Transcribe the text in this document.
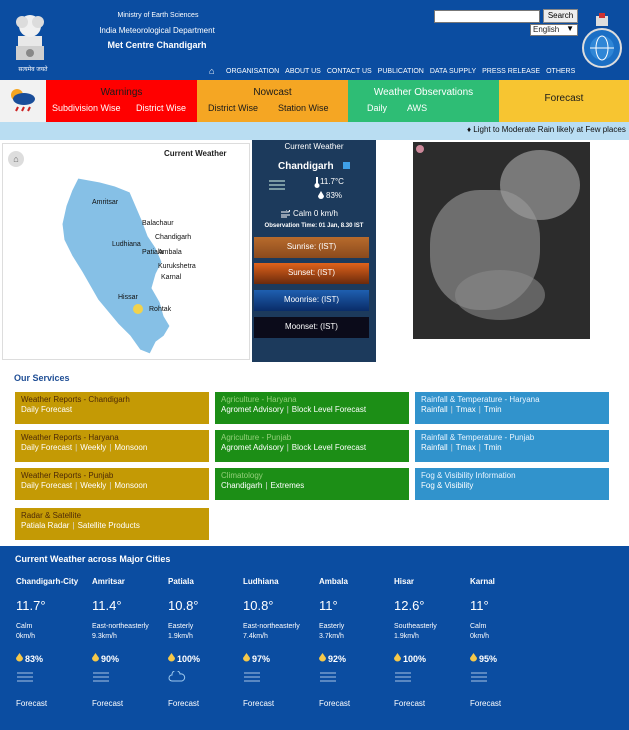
सत्यमेव जयते
Ministry of Earth Sciences
India Meteorological Department
Met Centre Chandigarh
Search
English ▼
⌂	ORGANISATION ABOUT US CONTACT US PUBLICATION DATA SUPPLY PRESS RELEASE OTHERS
Warnings
Subdivision Wise District Wise
Nowcast
District Wise Station Wise
Weather Observations
Daily AWS
Forecast
♦ Light to Moderate Rain likely at Few places
⌂
Current Weather
Amritsar
Balachaur
Chandigarh
Ludhiana
Patiala
Ambala
Kurukshetra
Karnal
Hissar
Rohtak
Current Weather
Chandigarh
11.7°C
83%
Calm 0 km/h
Observation Time: 01 Jan, 8.30 IST
Sunrise: (IST)
Sunset: (IST)
Moonrise: (IST)
Moonset: (IST)
Our Services
Weather Reports - Chandigarh
Daily Forecast
Agriculture - Haryana
Agromet Advisory | Block Level Forecast
Rainfall & Temperature - Haryana
Rainfall | Tmax | Tmin
Weather Reports - Haryana
Daily Forecast | Weekly | Monsoon
Agriculture - Punjab
Agromet Advisory | Block Level Forecast
Rainfall & Temperature - Punjab
Rainfall | Tmax | Tmin
Weather Reports - Punjab
Daily Forecast | Weekly | Monsoon
Climatology
Chandigarh | Extremes
Fog & Visibility Information
Fog & Visibility
Radar & Satellite
Patiala Radar | Satellite Products
Current Weather across Major Cities
Chandigarh-City
11.7°
Calm
0km/h
83%
Forecast
Amritsar
11.4°
East-northeasterly
9.3km/h
90%
Forecast
Patiala
10.8°
Easterly
1.9km/h
100%
Forecast
Ludhiana
10.8°
East-northeasterly
7.4km/h
97%
Forecast
Ambala
11°
Easterly
3.7km/h
92%
Forecast
Hisar
12.6°
Southeasterly
1.9km/h
100%
Forecast
Karnal
11°
Calm
0km/h
95%
Forecast
